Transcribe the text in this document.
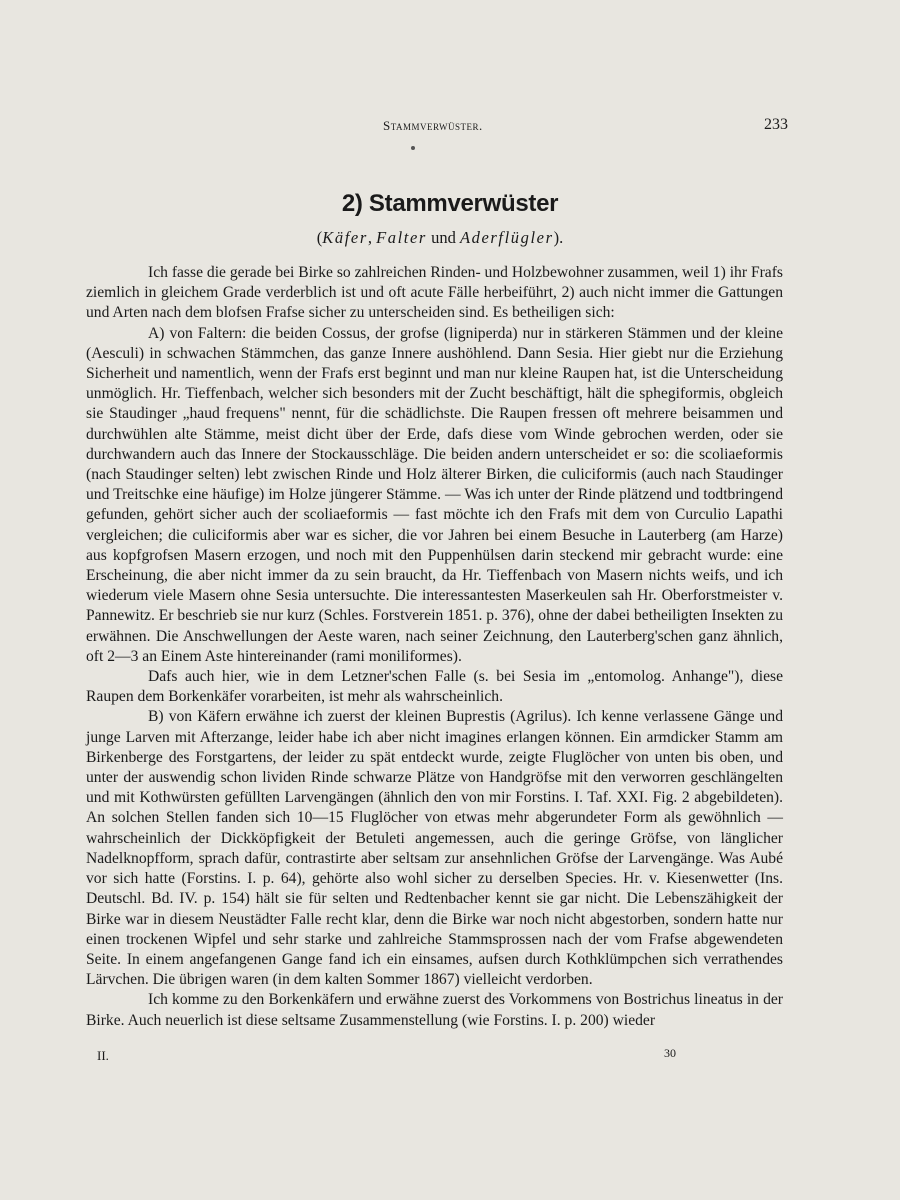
Stammverwüster.	233
2) Stammverwüster
(Käfer, Falter und Aderflügler).

Ich fasse die gerade bei Birke so zahlreichen Rinden- und Holzbewohner zusammen, weil 1) ihr Frafs ziemlich in gleichem Grade verderblich ist und oft acute Fälle herbeiführt, 2) auch nicht immer die Gattungen und Arten nach dem blofsen Frafse sicher zu unterscheiden sind. Es betheiligen sich:

A) von Faltern: die beiden Cossus, der grofse (ligniperda) nur in stärkeren Stämmen und der kleine (Aesculi) in schwachen Stämmchen, das ganze Innere aushöhlend. Dann Sesia. Hier giebt nur die Erziehung Sicherheit und namentlich, wenn der Frafs erst beginnt und man nur kleine Raupen hat, ist die Unterscheidung unmöglich. Hr. Tieffenbach, welcher sich besonders mit der Zucht beschäftigt, hält die sphegiformis, obgleich sie Staudinger „haud frequens" nennt, für die schädlichste. Die Raupen fressen oft mehrere beisammen und durchwühlen alte Stämme, meist dicht über der Erde, dafs diese vom Winde gebrochen werden, oder sie durchwandern auch das Innere der Stockausschläge. Die beiden andern unterscheidet er so: die scoliaeformis (nach Staudinger selten) lebt zwischen Rinde und Holz älterer Birken, die culiciformis (auch nach Staudinger und Treitschke eine häufige) im Holze jüngerer Stämme. — Was ich unter der Rinde plätzend und todtbringend gefunden, gehört sicher auch der scoliaeformis — fast möchte ich den Frafs mit dem von Curculio Lapathi vergleichen; die culiciformis aber war es sicher, die vor Jahren bei einem Besuche in Lauterberg (am Harze) aus kopfgrofsen Masern erzogen, und noch mit den Puppenhülsen darin steckend mir gebracht wurde: eine Erscheinung, die aber nicht immer da zu sein braucht, da Hr. Tieffenbach von Masern nichts weifs, und ich wiederum viele Masern ohne Sesia untersuchte. Die interessantesten Maserkeulen sah Hr. Oberforstmeister v. Pannewitz. Er beschrieb sie nur kurz (Schles. Forstverein 1851. p. 376), ohne der dabei betheiligten Insekten zu erwähnen. Die Anschwellungen der Aeste waren, nach seiner Zeichnung, den Lauterberg'schen ganz ähnlich, oft 2—3 an Einem Aste hintereinander (rami moniliformes).

Dafs auch hier, wie in dem Letzner'schen Falle (s. bei Sesia im „entomolog. Anhange"), diese Raupen dem Borkenkäfer vorarbeiten, ist mehr als wahrscheinlich.

B) von Käfern erwähne ich zuerst der kleinen Buprestis (Agrilus). Ich kenne verlassene Gänge und junge Larven mit Afterzange, leider habe ich aber nicht imagines erlangen können. Ein armdicker Stamm am Birkenberge des Forstgartens, der leider zu spät entdeckt wurde, zeigte Fluglöcher von unten bis oben, und unter der auswendig schon lividen Rinde schwarze Plätze von Handgröfse mit den verworren geschlängelten und mit Kothwürsten gefüllten Larvengängen (ähnlich den von mir Forstins. I. Taf. XXI. Fig. 2 abgebildeten). An solchen Stellen fanden sich 10—15 Fluglöcher von etwas mehr abgerundeter Form als gewöhnlich — wahrscheinlich der Dickköpfigkeit der Betuleti angemessen, auch die geringe Gröfse, von länglicher Nadelknopfform, sprach dafür, contrastirte aber seltsam zur ansehnlichen Gröfse der Larvengänge. Was Aubé vor sich hatte (Forstins. I. p. 64), gehörte also wohl sicher zu derselben Species. Hr. v. Kiesenwetter (Ins. Deutschl. Bd. IV. p. 154) hält sie für selten und Redtenbacher kennt sie gar nicht. Die Lebenszähigkeit der Birke war in diesem Neustädter Falle recht klar, denn die Birke war noch nicht abgestorben, sondern hatte nur einen trockenen Wipfel und sehr starke und zahlreiche Stammsprossen nach der vom Frafse abgewendeten Seite. In einem angefangenen Gange fand ich ein einsames, aufsen durch Kothklümpchen sich verrathendes Lärvchen. Die übrigen waren (in dem kalten Sommer 1867) vielleicht verdorben.

Ich komme zu den Borkenkäfern und erwähne zuerst des Vorkommens von Bostrichus lineatus in der Birke. Auch neuerlich ist diese seltsame Zusammenstellung (wie Forstins. I. p. 200) wieder

II.	30
